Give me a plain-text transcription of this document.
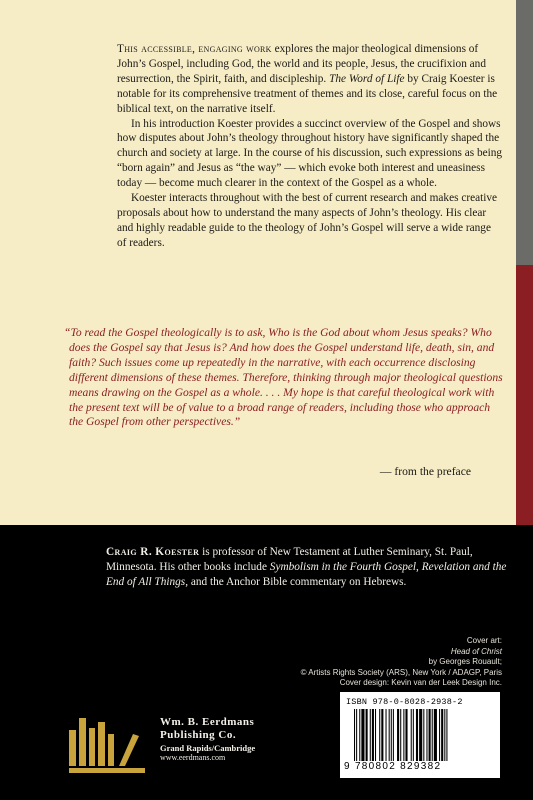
This accessible, engaging work explores the major theological dimensions of John’s Gospel, including God, the world and its people, Jesus, the crucifixion and resurrection, the Spirit, faith, and discipleship. The Word of Life by Craig Koester is notable for its comprehensive treatment of themes and its close, careful focus on the biblical text, on the narrative itself.

In his introduction Koester provides a succinct overview of the Gospel and shows how disputes about John’s theology throughout history have significantly shaped the church and society at large. In the course of his discussion, such expressions as being “born again” and Jesus as “the way” — which evoke both interest and uneasiness today — become much clearer in the context of the Gospel as a whole.

Koester interacts throughout with the best of current research and makes creative proposals about how to understand the many aspects of John’s theology. His clear and highly readable guide to the theology of John’s Gospel will serve a wide range of readers.

“To read the Gospel theologically is to ask, Who is the God about whom Jesus speaks? Who does the Gospel say that Jesus is? And how does the Gospel understand life, death, sin, and faith? Such issues come up repeatedly in the narrative, with each occurrence disclosing different dimensions of these themes. Therefore, thinking through major theological questions means drawing on the Gospel as a whole. . . . My hope is that careful theological work with the present text will be of value to a broad range of readers, including those who approach the Gospel from other perspectives.”

— from the preface
Craig R. Koester is professor of New Testament at Luther Seminary, St. Paul, Minnesota. His other books include Symbolism in the Fourth Gospel, Revelation and the End of All Things, and the Anchor Bible commentary on Hebrews.
Cover art:
Head of Christ
by Georges Rouault;
© Artists Rights Society (ARS), New York / ADAGP, Paris
Cover design: Kevin van der Leek Design Inc.
Wm. B. Eerdmans
Publishing Co.
Grand Rapids/Cambridge
www.eerdmans.com
ISBN 978-0-8028-2938-2
9 780802 829382
